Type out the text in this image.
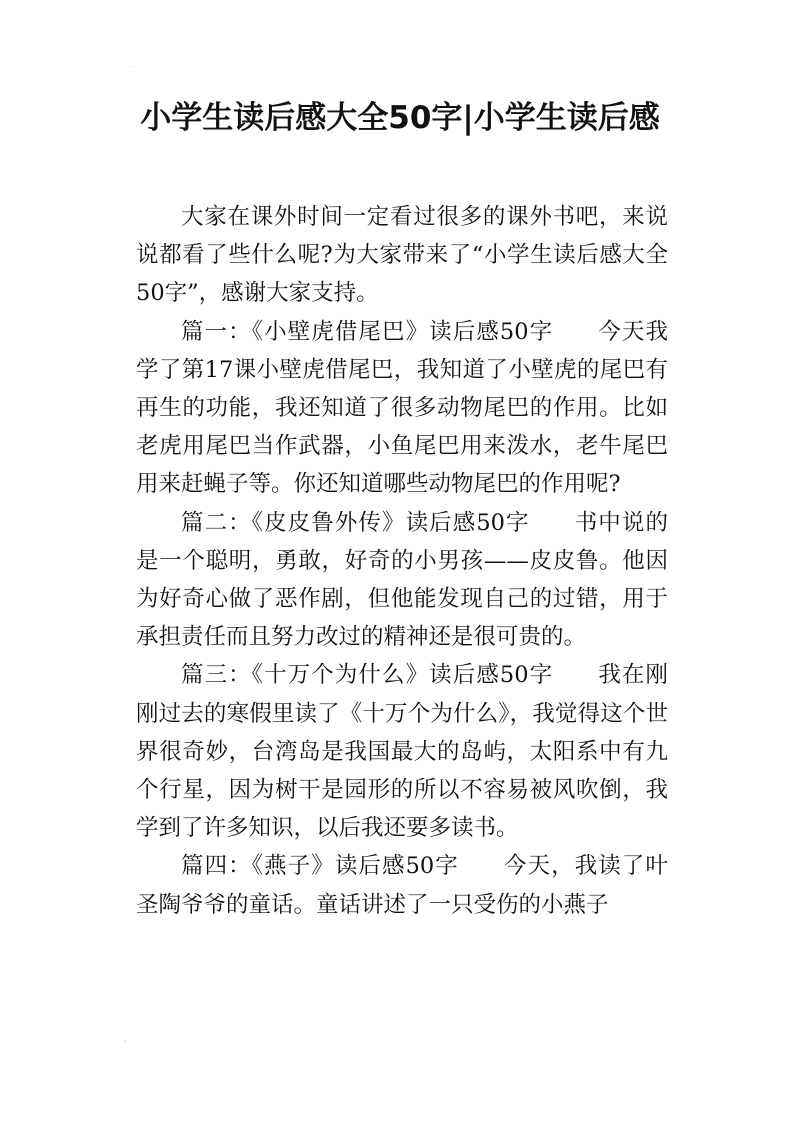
.
小学生读后感大全50字|小学生读后感

大家在课外时间一定看过很多的课外书吧，来说说都看了些什么呢?为大家带来了“小学生读后感大全50字”，感谢大家支持。

篇一：《小壁虎借尾巴》读后感50字 今天我学了第17课小壁虎借尾巴，我知道了小壁虎的尾巴有再生的功能，我还知道了很多动物尾巴的作用。比如老虎用尾巴当作武器，小鱼尾巴用来泼水，老牛尾巴用来赶蝇子等。你还知道哪些动物尾巴的作用呢?

篇二：《皮皮鲁外传》读后感50字 书中说的是一个聪明，勇敢，好奇的小男孩——皮皮鲁。他因为好奇心做了恶作剧，但他能发现自己的过错，用于承担责任而且努力改过的精神还是很可贵的。

篇三：《十万个为什么》读后感50字 我在刚刚过去的寒假里读了《十万个为什么》，我觉得这个世界很奇妙，台湾岛是我国最大的岛屿，太阳系中有九个行星，因为树干是园形的所以不容易被风吹倒，我学到了许多知识，以后我还要多读书。

篇四：《燕子》读后感50字 今天，我读了叶圣陶爷爷的童话。童话讲述了一只受伤的小燕子

,
